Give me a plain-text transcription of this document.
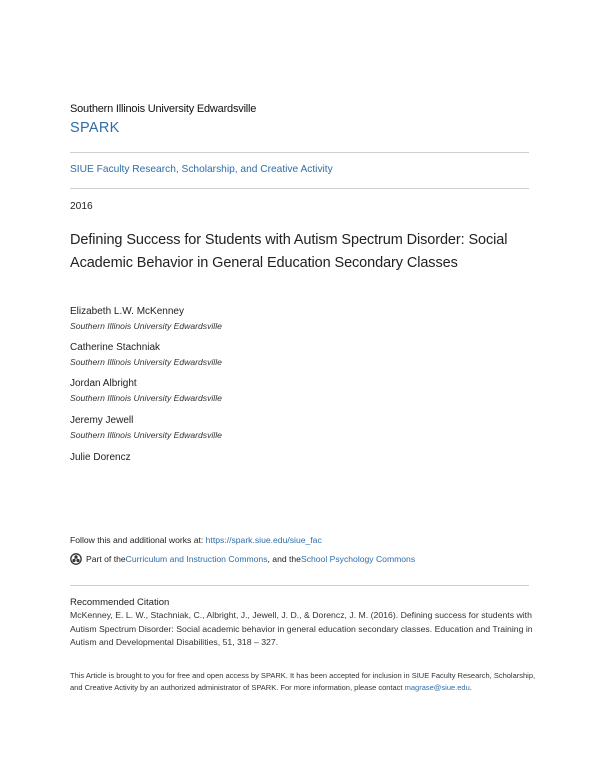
Southern Illinois University Edwardsville
SPARK
SIUE Faculty Research, Scholarship, and Creative Activity
2016
Defining Success for Students with Autism Spectrum Disorder: Social Academic Behavior in General Education Secondary Classes
Elizabeth L.W. McKenney
Southern Illinois University Edwardsville
Catherine Stachniak
Southern Illinois University Edwardsville
Jordan Albright
Southern Illinois University Edwardsville
Jeremy Jewell
Southern Illinois University Edwardsville
Julie Dorencz
Follow this and additional works at: https://spark.siue.edu/siue_fac
Part of the Curriculum and Instruction Commons , and the School Psychology Commons
Recommended Citation
McKenney, E. L. W., Stachniak, C., Albright, J., Jewell, J. D., & Dorencz, J. M. (2016). Defining success for students with Autism Spectrum Disorder: Social academic behavior in general education secondary classes. Education and Training in Autism and Developmental Disabilities, 51, 318 – 327.
This Article is brought to you for free and open access by SPARK. It has been accepted for inclusion in SIUE Faculty Research, Scholarship, and Creative Activity by an authorized administrator of SPARK. For more information, please contact magrase@siue.edu.
